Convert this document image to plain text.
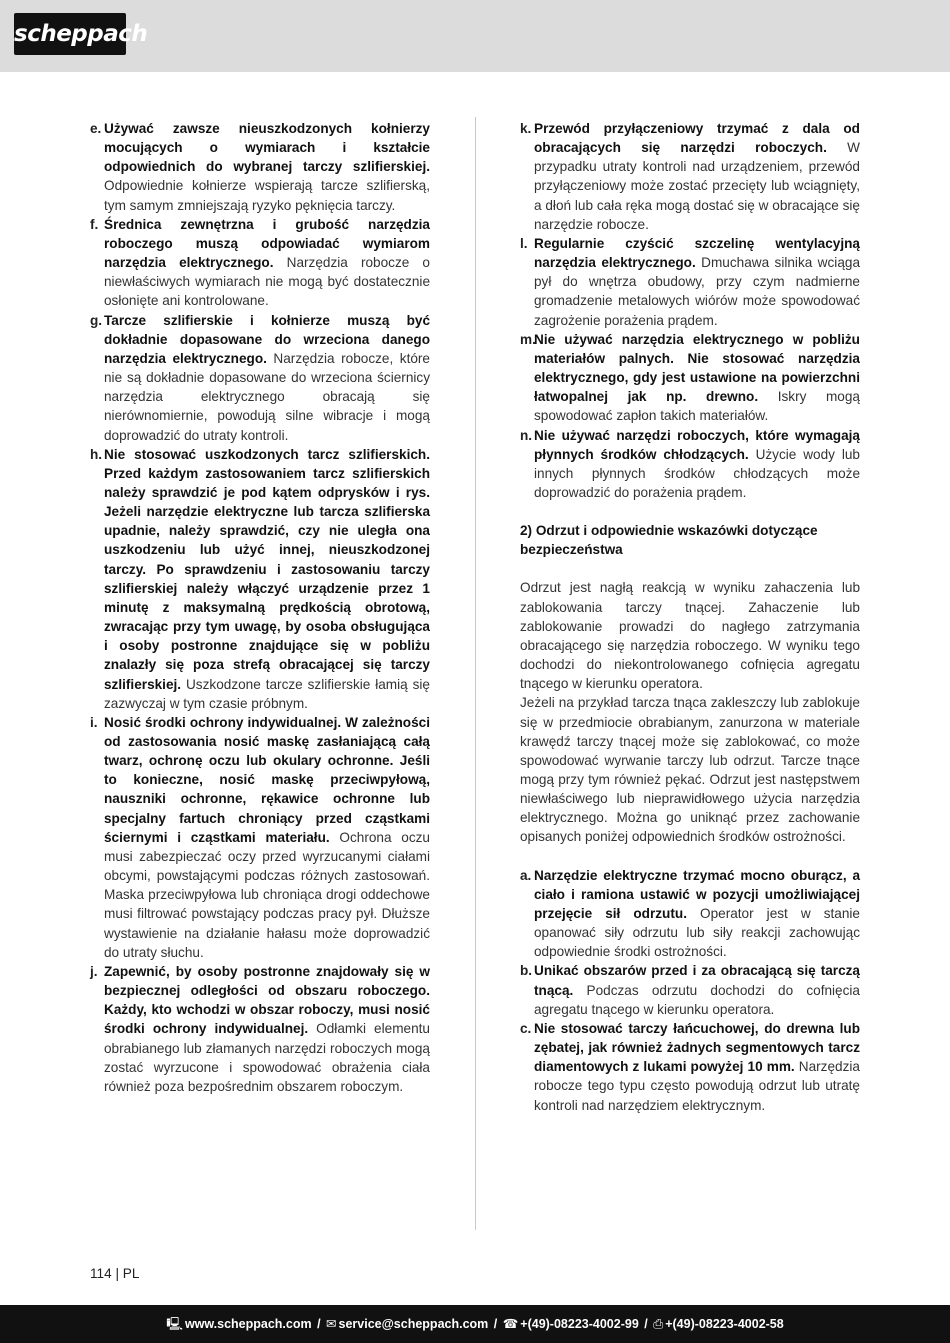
scheppach
e. Używać zawsze nieuszkodzonych kołnierzy mocujących o wymiarach i kształcie odpowiednich do wybranej tarczy szlifierskiej. Odpowiednie kołnierze wspierają tarcze szlifierską, tym samym zmniejszają ryzyko pęknięcia tarczy.
f. Średnica zewnętrzna i grubość narzędzia roboczego muszą odpowiadać wymiarom narzędzia elektrycznego. Narzędzia robocze o niewłaściwych wymiarach nie mogą być dostatecznie osłonięte ani kontrolowane.
g. Tarcze szlifierskie i kołnierze muszą być dokładnie dopasowane do wrzeciona danego narzędzia elektrycznego. Narzędzia robocze, które nie są dokładnie dopasowane do wrzeciona ściernicy narzędzia elektrycznego obracają się nierównomiernie, powodują silne wibracje i mogą doprowadzić do utraty kontroli.
h. Nie stosować uszkodzonych tarcz szlifierskich. Przed każdym zastosowaniem tarcz szlifierskich należy sprawdzić je pod kątem odprysków i rys. Jeżeli narzędzie elektryczne lub tarcza szlifierska upadnie, należy sprawdzić, czy nie uległa ona uszkodzeniu lub użyć innej, nieuszkodzonej tarczy. Po sprawdzeniu i zastosowaniu tarczy szlifierskiej należy włączyć urządzenie przez 1 minutę z maksymalną prędkością obrotową, zwracając przy tym uwagę, by osoba obsługująca i osoby postronne znajdujące się w pobliżu znalazły się poza strefą obracającej się tarczy szlifierskiej. Uszkodzone tarcze szlifierskie łamią się zazwyczaj w tym czasie próbnym.
i. Nosić środki ochrony indywidualnej. W zależności od zastosowania nosić maskę zasłaniającą całą twarz, ochronę oczu lub okulary ochronne. Jeśli to konieczne, nosić maskę przeciwpyłową, nauszniki ochronne, rękawice ochronne lub specjalny fartuch chroniący przed cząstkami ściernymi i cząstkami materiału. Ochrona oczu musi zabezpieczać oczy przed wyrzucanymi ciałami obcymi, powstającymi podczas różnych zastosowań. Maska przeciwpyłowa lub chroniąca drogi oddechowe musi filtrować powstający podczas pracy pył. Dłuższe wystawienie na działanie hałasu może doprowadzić do utraty słuchu.
j. Zapewnić, by osoby postronne znajdowały się w bezpiecznej odległości od obszaru roboczego. Każdy, kto wchodzi w obszar roboczy, musi nosić środki ochrony indywidualnej. Odłamki elementu obrabianego lub złamanych narzędzi roboczych mogą zostać wyrzucone i spowodować obrażenia ciała również poza bezpośrednim obszarem roboczym.
k. Przewód przyłączeniowy trzymać z dala od obracających się narzędzi roboczych. W przypadku utraty kontroli nad urządzeniem, przewód przyłączeniowy może zostać przecięty lub wciągnięty, a dłoń lub cała ręka mogą dostać się w obracające się narzędzie robocze.
l. Regularnie czyścić szczelinę wentylacyjną narzędzia elektrycznego. Dmuchawa silnika wciąga pył do wnętrza obudowy, przy czym nadmierne gromadzenie metalowych wiórów może spowodować zagrożenie porażenia prądem.
m.
Nie używać narzędzia elektrycznego w pobliżu materiałów palnych. Nie stosować narzędzia elektrycznego, gdy jest ustawione na powierzchni łatwopalnej jak np. drewno. Iskry mogą spowodować zapłon takich materiałów.
n. Nie używać narzędzi roboczych, które wymagają płynnych środków chłodzących. Użycie wody lub innych płynnych środków chłodzących może doprowadzić do porażenia prądem.
2) Odrzut i odpowiednie wskazówki dotyczące bezpieczeństwa
Odrzut jest nagłą reakcją w wyniku zahaczenia lub zablokowania tarczy tnącej. Zahaczenie lub zablokowanie prowadzi do nagłego zatrzymania obracającego się narzędzia roboczego. W wyniku tego dochodzi do niekontrolowanego cofnięcia agregatu tnącego w kierunku operatora.
Jeżeli na przykład tarcza tnąca zakleszczy lub zablokuje się w przedmiocie obrabianym, zanurzona w materiale krawędź tarczy tnącej może się zablokować, co może spowodować wyrwanie tarczy lub odrzut. Tarcze tnące mogą przy tym również pękać. Odrzut jest następstwem niewłaściwego lub nieprawidłowego użycia narzędzia elektrycznego. Można go uniknąć przez zachowanie opisanych poniżej odpowiednich środków ostrożności.
a. Narzędzie elektryczne trzymać mocno oburącz, a ciało i ramiona ustawić w pozycji umożliwiającej przejęcie sił odrzutu. Operator jest w stanie opanować siły odrzutu lub siły reakcji zachowując odpowiednie środki ostrożności.
b. Unikać obszarów przed i za obracającą się tarczą tnącą. Podczas odrzutu dochodzi do cofnięcia agregatu tnącego w kierunku operatora.
c. Nie stosować tarczy łańcuchowej, do drewna lub zębatej, jak również żadnych segmentowych tarcz diamentowych z lukami powyżej 10 mm. Narzędzia robocze tego typu często powodują odrzut lub utratę kontroli nad narzędziem elektrycznym.
114 | PL
🖳 www.scheppach.com / ✉ service@scheppach.com / ☎ +(49)-08223-4002-99 / ⎙ +(49)-08223-4002-58
